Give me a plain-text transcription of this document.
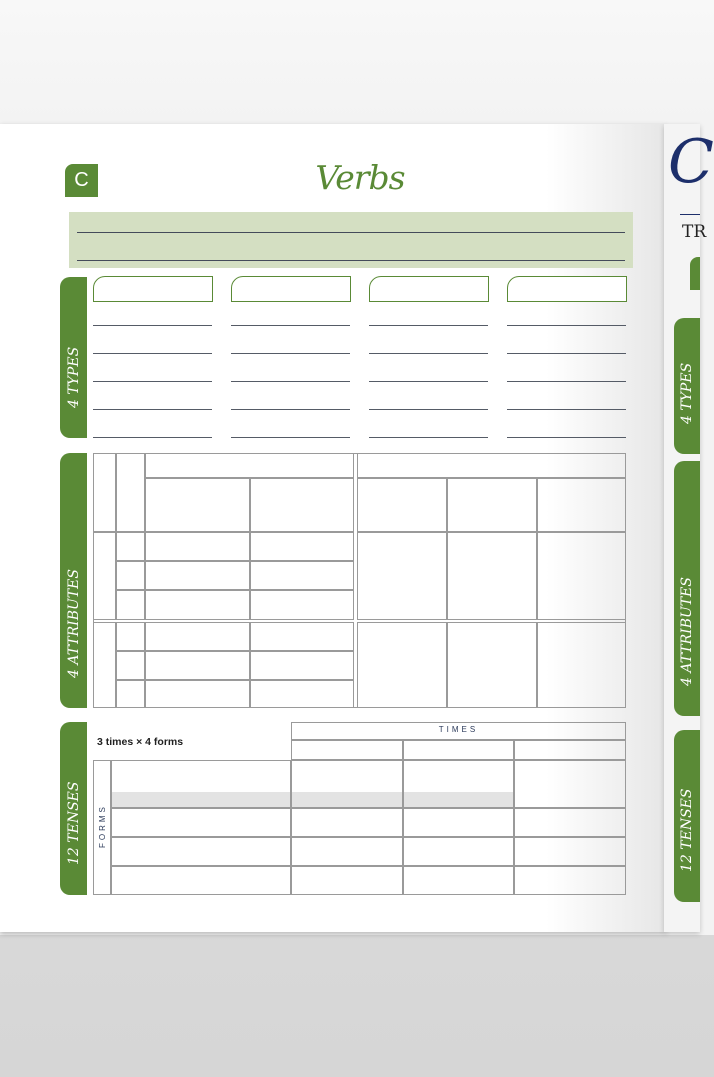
C	Verbs
4 TYPES
4 ATTRIBUTES
12 TENSES
3 times × 4 forms
TIMES
FORMS
C
TR
4 TYPES
4 ATTRIBUTES
12 TENSES
